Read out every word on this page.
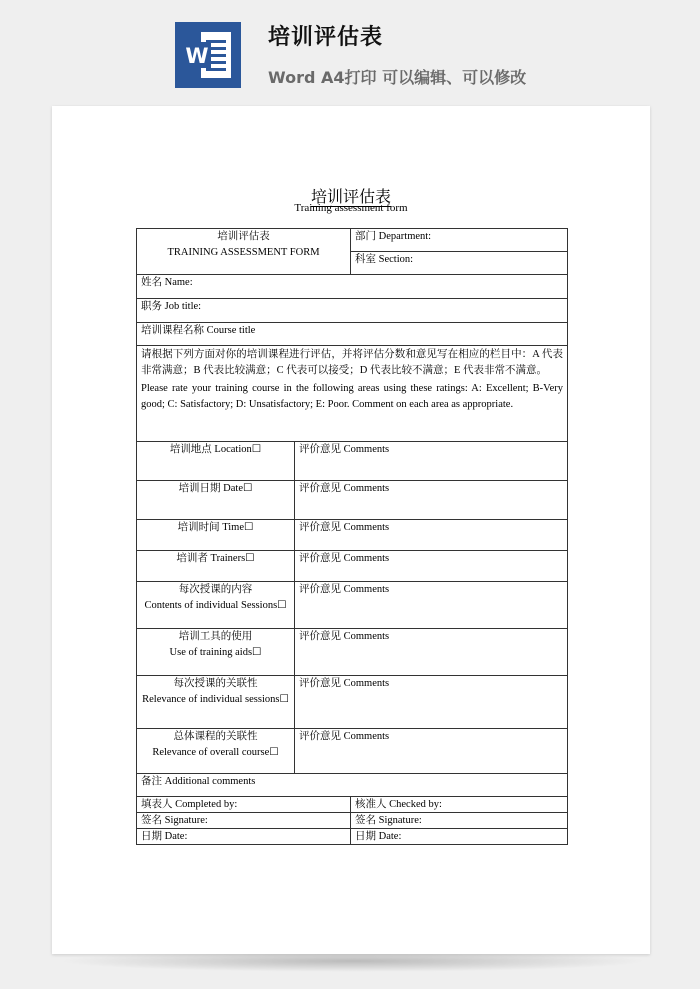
W
培训评估表
Word A4打印 可以编辑、可以修改
培训评估表
Training assessment form
培训评估表
TRAINING ASSESSMENT FORM		部门 Department:
		科室 Section:
姓名 Name:		
职务 Job title:		
培训课程名称 Course title		

请根据下列方面对你的培训课程进行评估，并将评估分数和意见写在相应的栏目中：A 代表非常满意；B 代表比较满意；C 代表可以接受；D 代表比较不满意；E 代表非常不满意。

Please rate your training course in the following areas using these ratings: A: Excellent; B-Very good; C: Satisfactory; D: Unsatisfactory; E: Poor. Comment on each area as appropriate.		

培训地点 Location☐	评价意见 Comments	

培训日期 Date☐	评价意见 Comments	

培训时间 Time☐	评价意见 Comments	

培训者 Trainers☐	评价意见 Comments	

每次授课的内容
Contents of individual Sessions☐	评价意见 Comments	

培训工具的使用
Use of training aids☐	评价意见 Comments	

每次授课的关联性
Relevance of individual sessions☐	评价意见 Comments	

总体课程的关联性
Relevance of overall course☐	评价意见 Comments	
备注 Additional comments		
填表人 Completed by:		核准人 Checked by:
签名 Signature:		签名 Signature:
日期 Date:		日期 Date:
